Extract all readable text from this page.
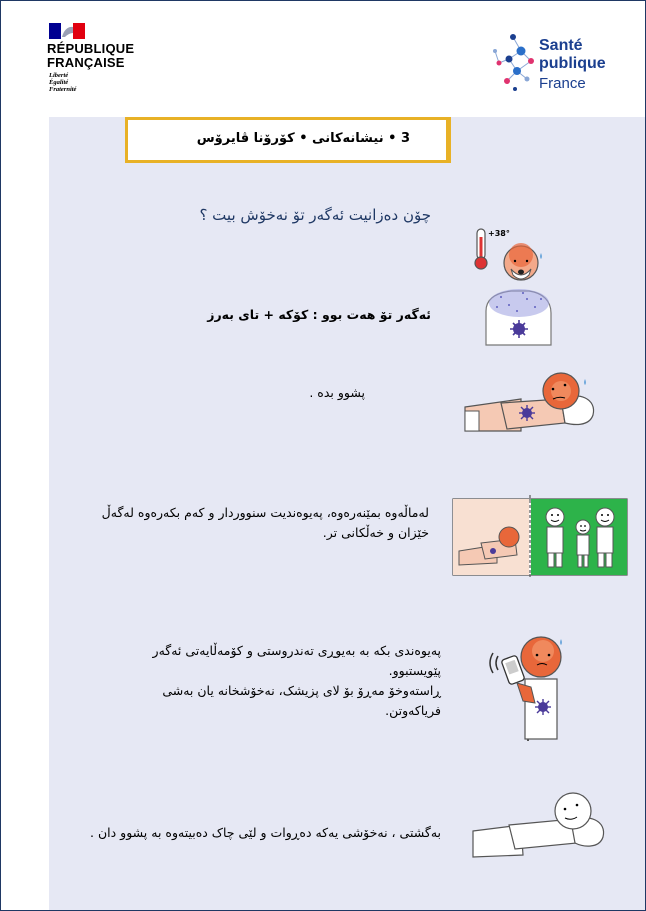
RÉPUBLIQUE
FRANÇAISE
Liberté
Égalité
Fraternité
Santé
publique
France
3 • نیشانەکانی • کۆرۆنا ڤایرۆس
چۆن دەزانیت ئەگەر تۆ نەخۆش بیت ؟
ئەگەر تۆ هەت بوو : کۆکە + تای بەرز
+38°
پشوو بدە .
لەماڵەوە بمێنەرەوە، پەیوەندیت سنووردار و کەم بکەرەوە لەگەڵ خێزان و خەڵکانی تر.
پەیوەندی بکە بە بەیوڕی تەندروستی و کۆمەڵایەتی ئەگەر
پێویستبوو.
ڕاستەوخۆ مەڕۆ بۆ لای پزیشک، نەخۆشخانە یان بەشی
فریاکەوتن.
بەگشتی ، نەخۆشی یەکە دەڕوات و لێی چاک دەبیتەوە بە پشوو دان .
